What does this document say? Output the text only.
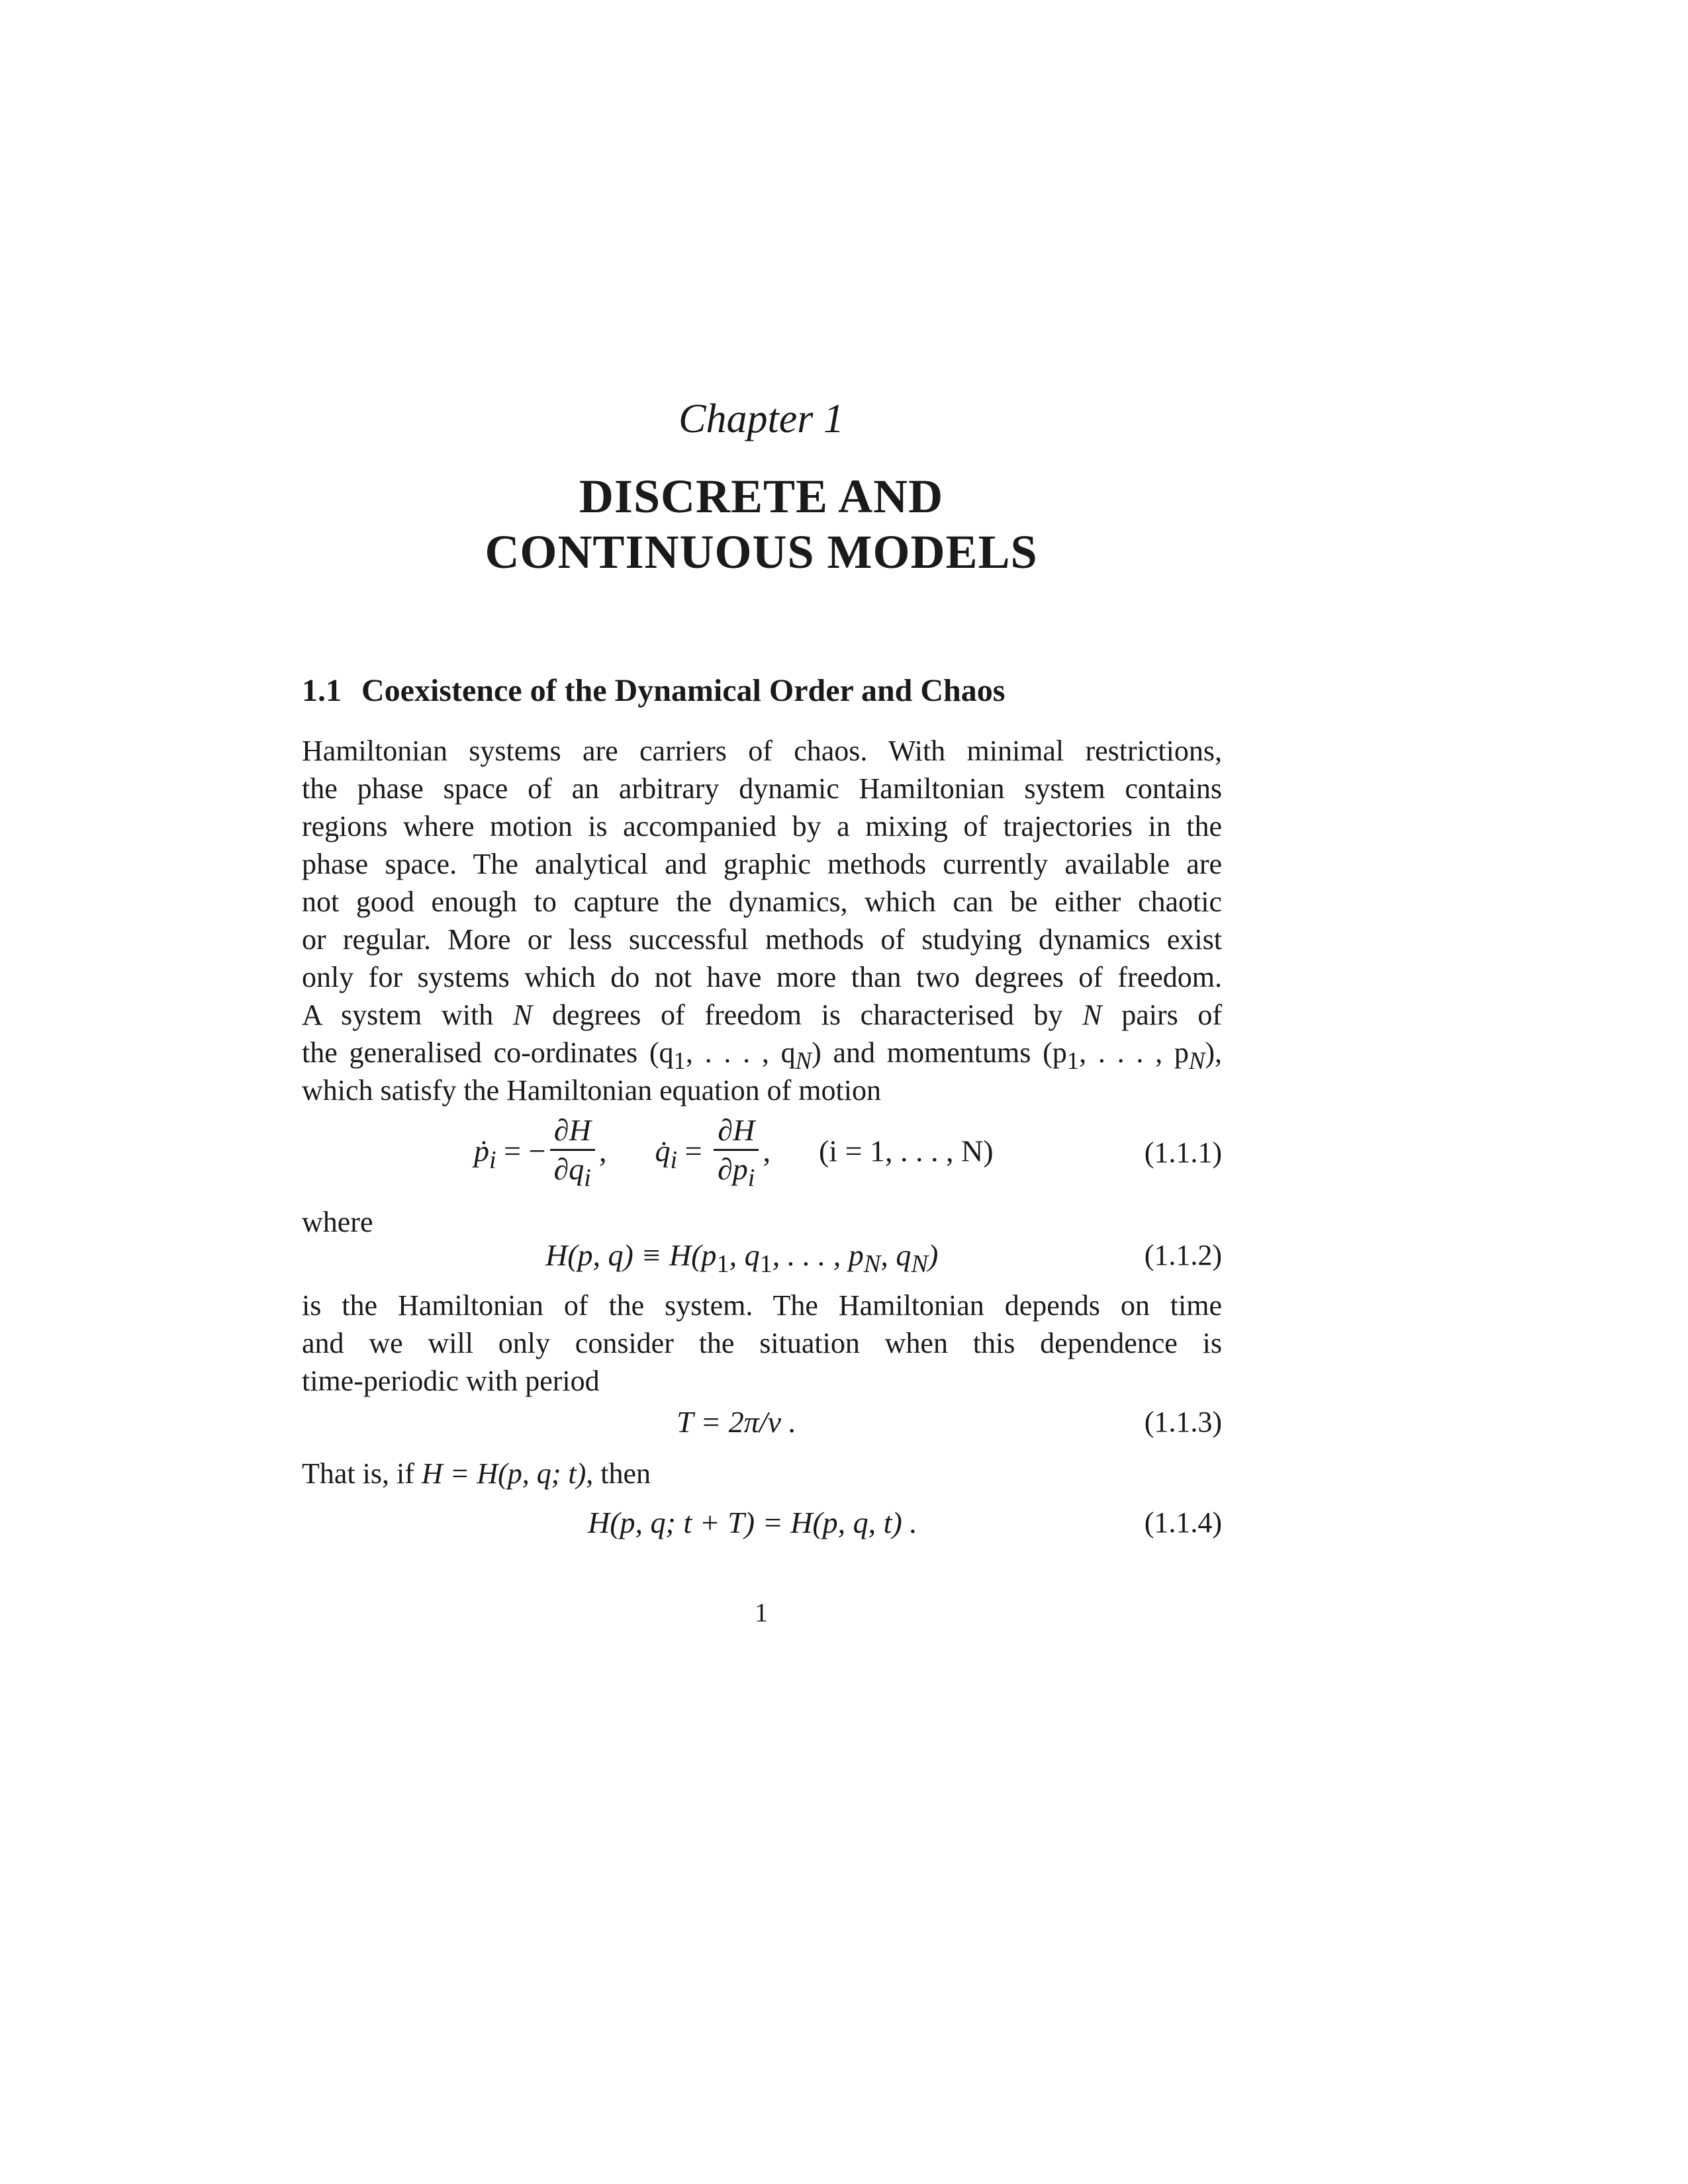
Chapter 1
DISCRETE AND
CONTINUOUS MODELS
1.1 Coexistence of the Dynamical Order and Chaos
Hamiltonian systems are carriers of chaos. With minimal restrictions,
the phase space of an arbitrary dynamic Hamiltonian system contains
regions where motion is accompanied by a mixing of trajectories in the
phase space. The analytical and graphic methods currently available are
not good enough to capture the dynamics, which can be either chaotic
or regular. More or less successful methods of studying dynamics exist
only for systems which do not have more than two degrees of freedom.
A system with N degrees of freedom is characterised by N pairs of
the generalised co-ordinates ($q_1$, . . . , $q_N$) and momentums ($p_1$, . . . , $p_N$),
which satisfy the Hamiltonian equation of motion
ṗ$_i$ = − $\frac{\partial H}{\partial q_i}$ , $q̇_i = \frac{\partial H}{\partial p_i}$ , (i = 1, . . . , N)	(1.1.1)
where
H(p, $q) \equiv H(p_1$, $q_1$, . . . , $p_N$, $q_N$)	(1.1.2)
is the Hamiltonian of the system. The Hamiltonian depends on time
and we will only consider the situation when this dependence is
time-periodic with period
T = 2π/ν .	(1.1.3)
That is, if H = H(p, q; t), then
H(p, q; t + T) = H(p, q, t) .	(1.1.4)
1
